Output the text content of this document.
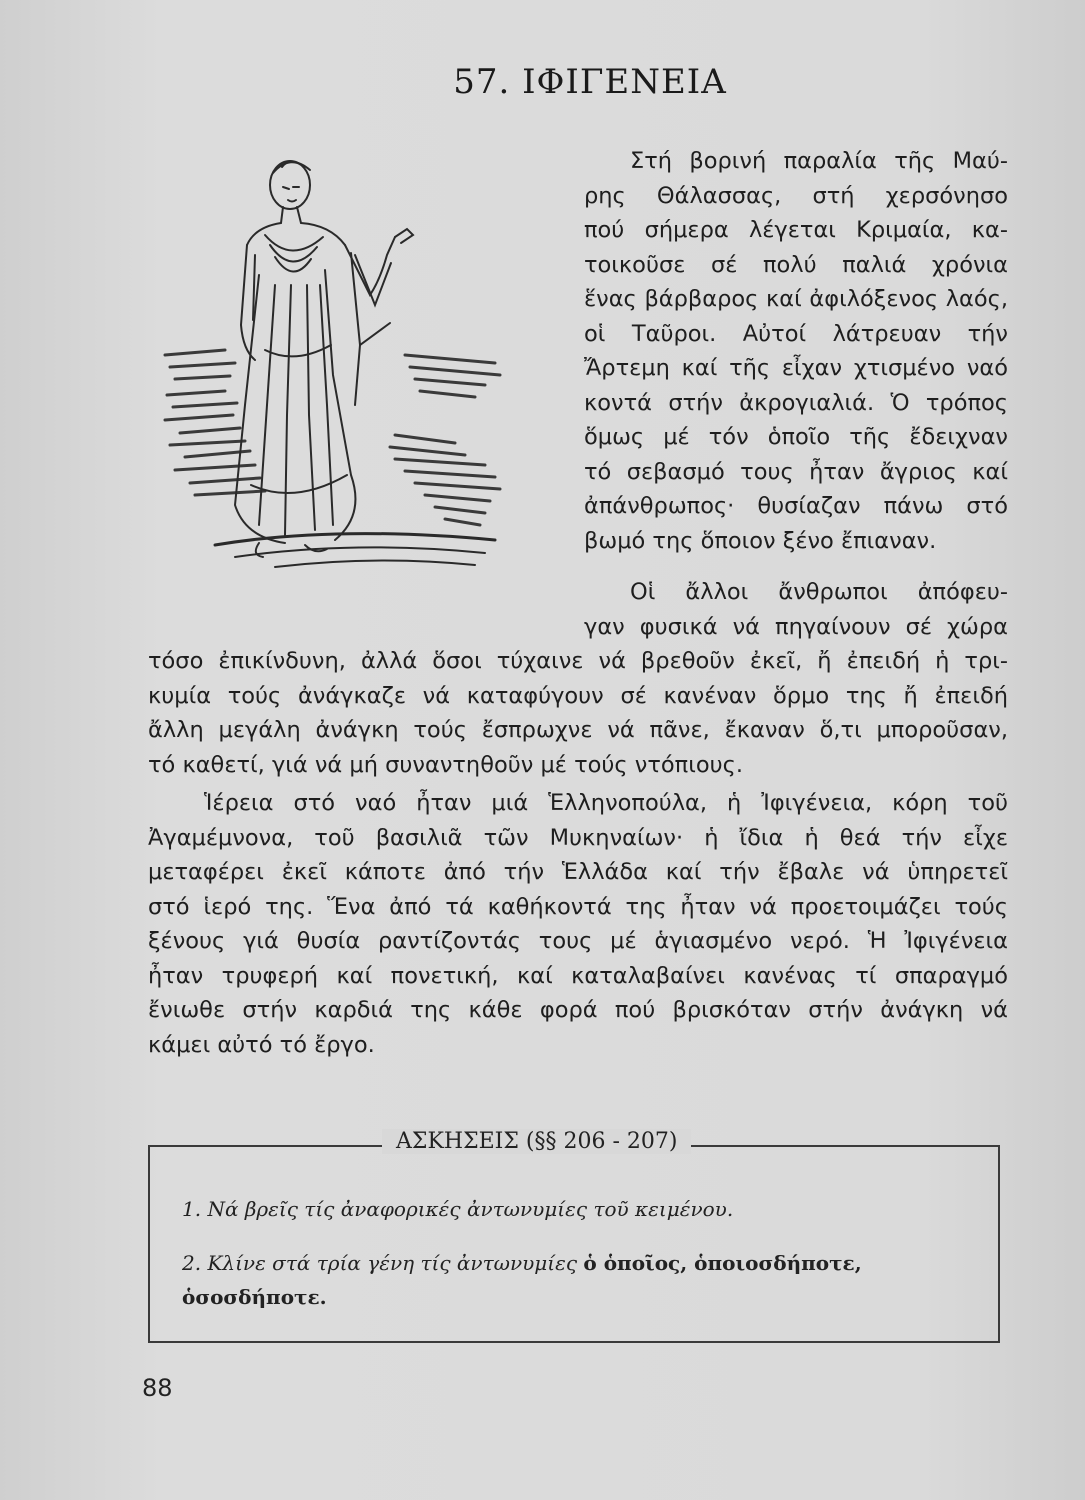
57. ΙΦΙΓΕΝΕΙΑ
Στή βορινή παραλία τῆς Μαύ-
ρης Θάλασσας, στή χερσόνησο
πού σήμερα λέγεται Κριμαία, κα-
τοικοῦσε σέ πολύ παλιά χρόνια
ἕνας βάρβαρος καί ἀφιλόξενος λαός,
οἱ Ταῦροι. Αὐτοί λάτρευαν τήν
Ἄρτεμη καί τῆς εἶχαν χτισμένο ναό
κοντά στήν ἀκρογιαλιά. Ὁ τρόπος
ὅμως μέ τόν ὁποῖο τῆς ἔδειχναν
τό σεβασμό τους ἦταν ἄγριος καί
ἀπάνθρωπος· θυσίαζαν πάνω στό
βωμό της ὅποιον ξένο ἔπιαναν.
Οἱ ἄλλοι ἄνθρωποι ἀπόφευ-
γαν φυσικά νά πηγαίνουν σέ χώρα
τόσο ἐπικίνδυνη, ἀλλά ὅσοι τύχαινε νά βρεθοῦν ἐκεῖ, ἤ ἐπειδή ἡ τρι-
κυμία τούς ἀνάγκαζε νά καταφύγουν σέ κανέναν ὅρμο της ἤ ἐπειδή
ἄλλη μεγάλη ἀνάγκη τούς ἔσπρωχνε νά πᾶνε, ἔκαναν ὅ,τι μποροῦσαν,
τό καθετί, γιά νά μή συναντηθοῦν μέ τούς ντόπιους.
Ἱέρεια στό ναό ἦταν μιά Ἑλληνοπούλα, ἡ Ἰφιγένεια, κόρη τοῦ
Ἀγαμέμνονα, τοῦ βασιλιᾶ τῶν Μυκηναίων· ἡ ἴδια ἡ θεά τήν εἶχε
μεταφέρει ἐκεῖ κάποτε ἀπό τήν Ἑλλάδα καί τήν ἔβαλε νά ὑπηρετεῖ
στό ἱερό της. Ἕνα ἀπό τά καθήκοντά της ἦταν νά προετοιμάζει τούς
ξένους γιά θυσία ραντίζοντάς τους μέ ἁγιασμένο νερό. Ἡ Ἰφιγένεια
ἦταν τρυφερή καί πονετική, καί καταλαβαίνει κανένας τί σπαραγμό
ἔνιωθε στήν καρδιά της κάθε φορά πού βρισκόταν στήν ἀνάγκη νά
κάμει αὐτό τό ἔργο.
ΑΣΚΗΣΕΙΣ (§§ 206 - 207)
1. Νά βρεῖς τίς ἀναφορικές ἀντωνυμίες τοῦ κειμένου.
2. Κλίνε στά τρία γένη τίς ἀντωνυμίες ὁ ὁποῖος, ὁποιοσδήποτε,
ὁσοσδήποτε.
88
